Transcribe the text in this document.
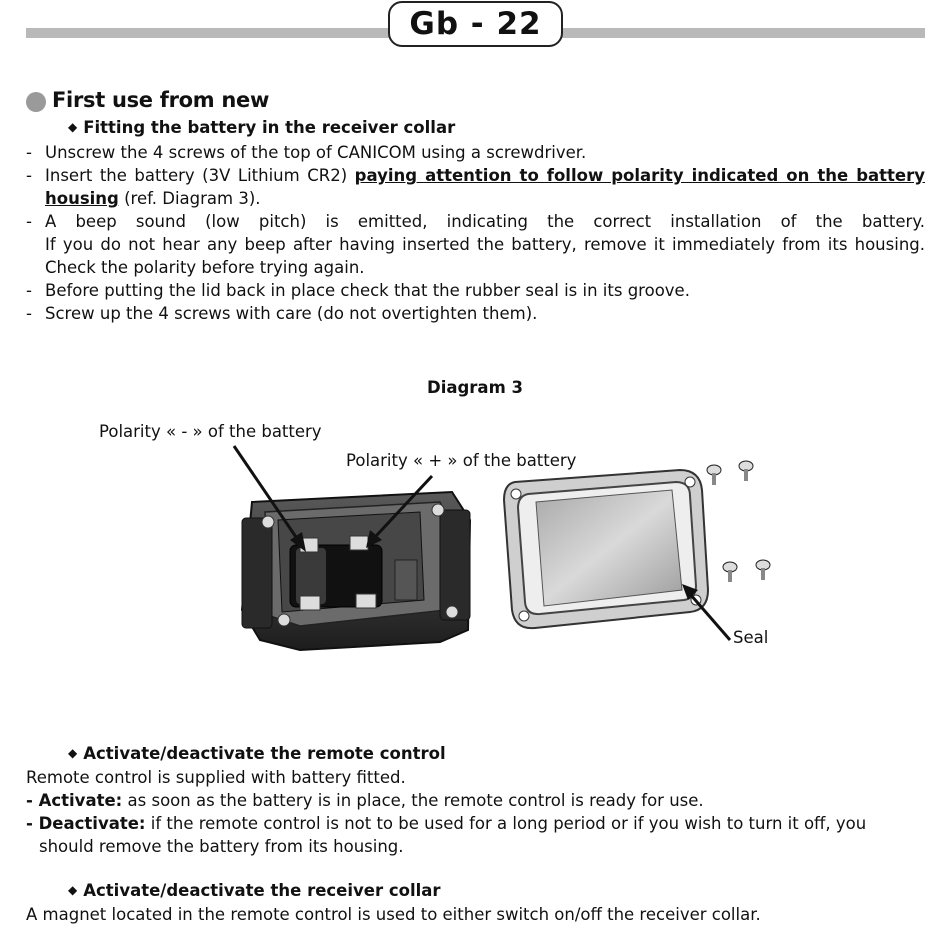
Gb - 22
First use from new
◆ Fitting the battery in the receiver collar
- Unscrew the 4 screws of the top of CANICOM using a screwdriver.
- Insert the battery (3V Lithium CR2) paying attention to follow polarity indicated on the battery
housing (ref. Diagram 3).
- A beep sound (low pitch) is emitted, indicating the correct installation of the battery.
If you do not hear any beep after having inserted the battery, remove it immediately from its housing.
Check the polarity before trying again.
- Before putting the lid back in place check that the rubber seal is in its groove.
- Screw up the 4 screws with care (do not overtighten them).
Diagram 3
Polarity « - » of the battery
Polarity « + » of the battery
Seal
◆ Activate/deactivate the remote control
Remote control is supplied with battery fitted.
- Activate: as soon as the battery is in place, the remote control is ready for use.
- Deactivate: if the remote control is not to be used for a long period or if you wish to turn it off, you
should remove the battery from its housing.
◆ Activate/deactivate the receiver collar
A magnet located in the remote control is used to either switch on/off the receiver collar.
